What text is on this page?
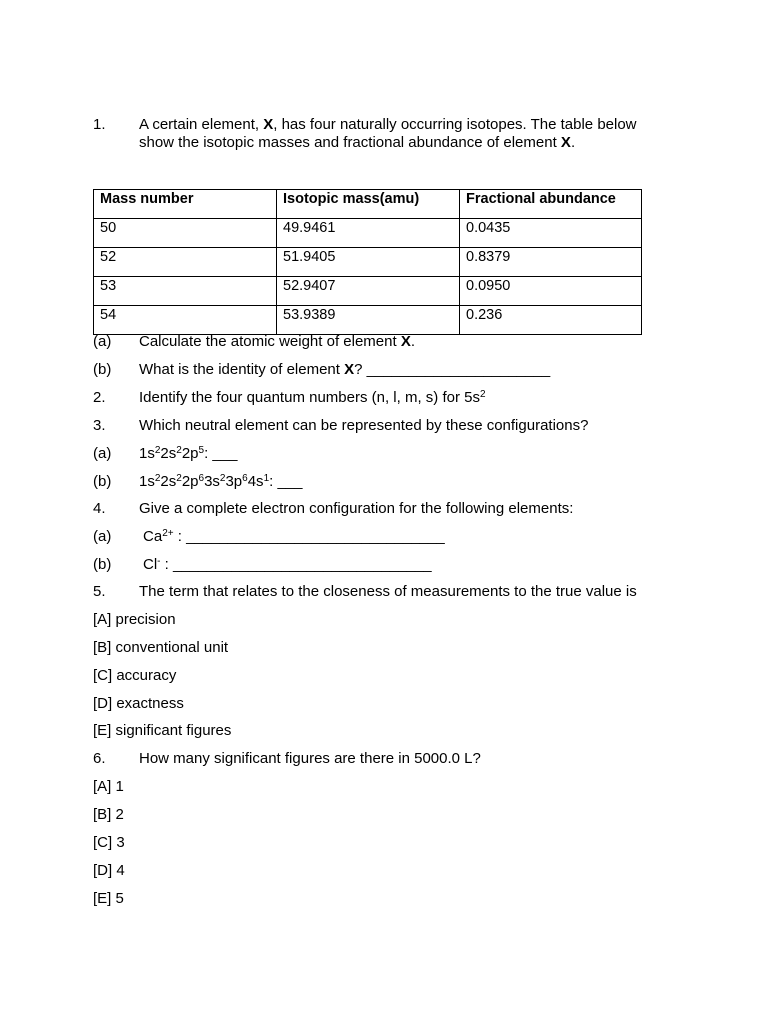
1. A certain element, X, has four naturally occurring isotopes. The table below
show the isotopic masses and fractional abundance of element X.
Mass number	Isotopic mass(amu)	Fractional abundance
50	49.9461	0.0435
52	51.9405	0.8379
53	52.9407	0.0950
54	53.9389	0.236
(a) Calculate the atomic weight of element X.
(b) What is the identity of element X? ______________________
2. Identify the four quantum numbers (n, l, m, s) for $5s^2$
3. Which neutral element can be represented by these configurations?
(a) $1s^22s^22p^5$: ___
(b) $1s^22s^22p^63s^23p^64s^1$: ___
4. Give a complete electron configuration for the following elements:
(a) $Ca^{2+}$ : _______________________________
(b) Cl- : _______________________________
5. The term that relates to the closeness of measurements to the true value is
[A] precision
[B] conventional unit
[C] accuracy
[D] exactness
[E] significant figures
6. How many significant figures are there in 5000.0 L?
[A] 1
[B] 2
[C] 3
[D] 4
[E] 5
